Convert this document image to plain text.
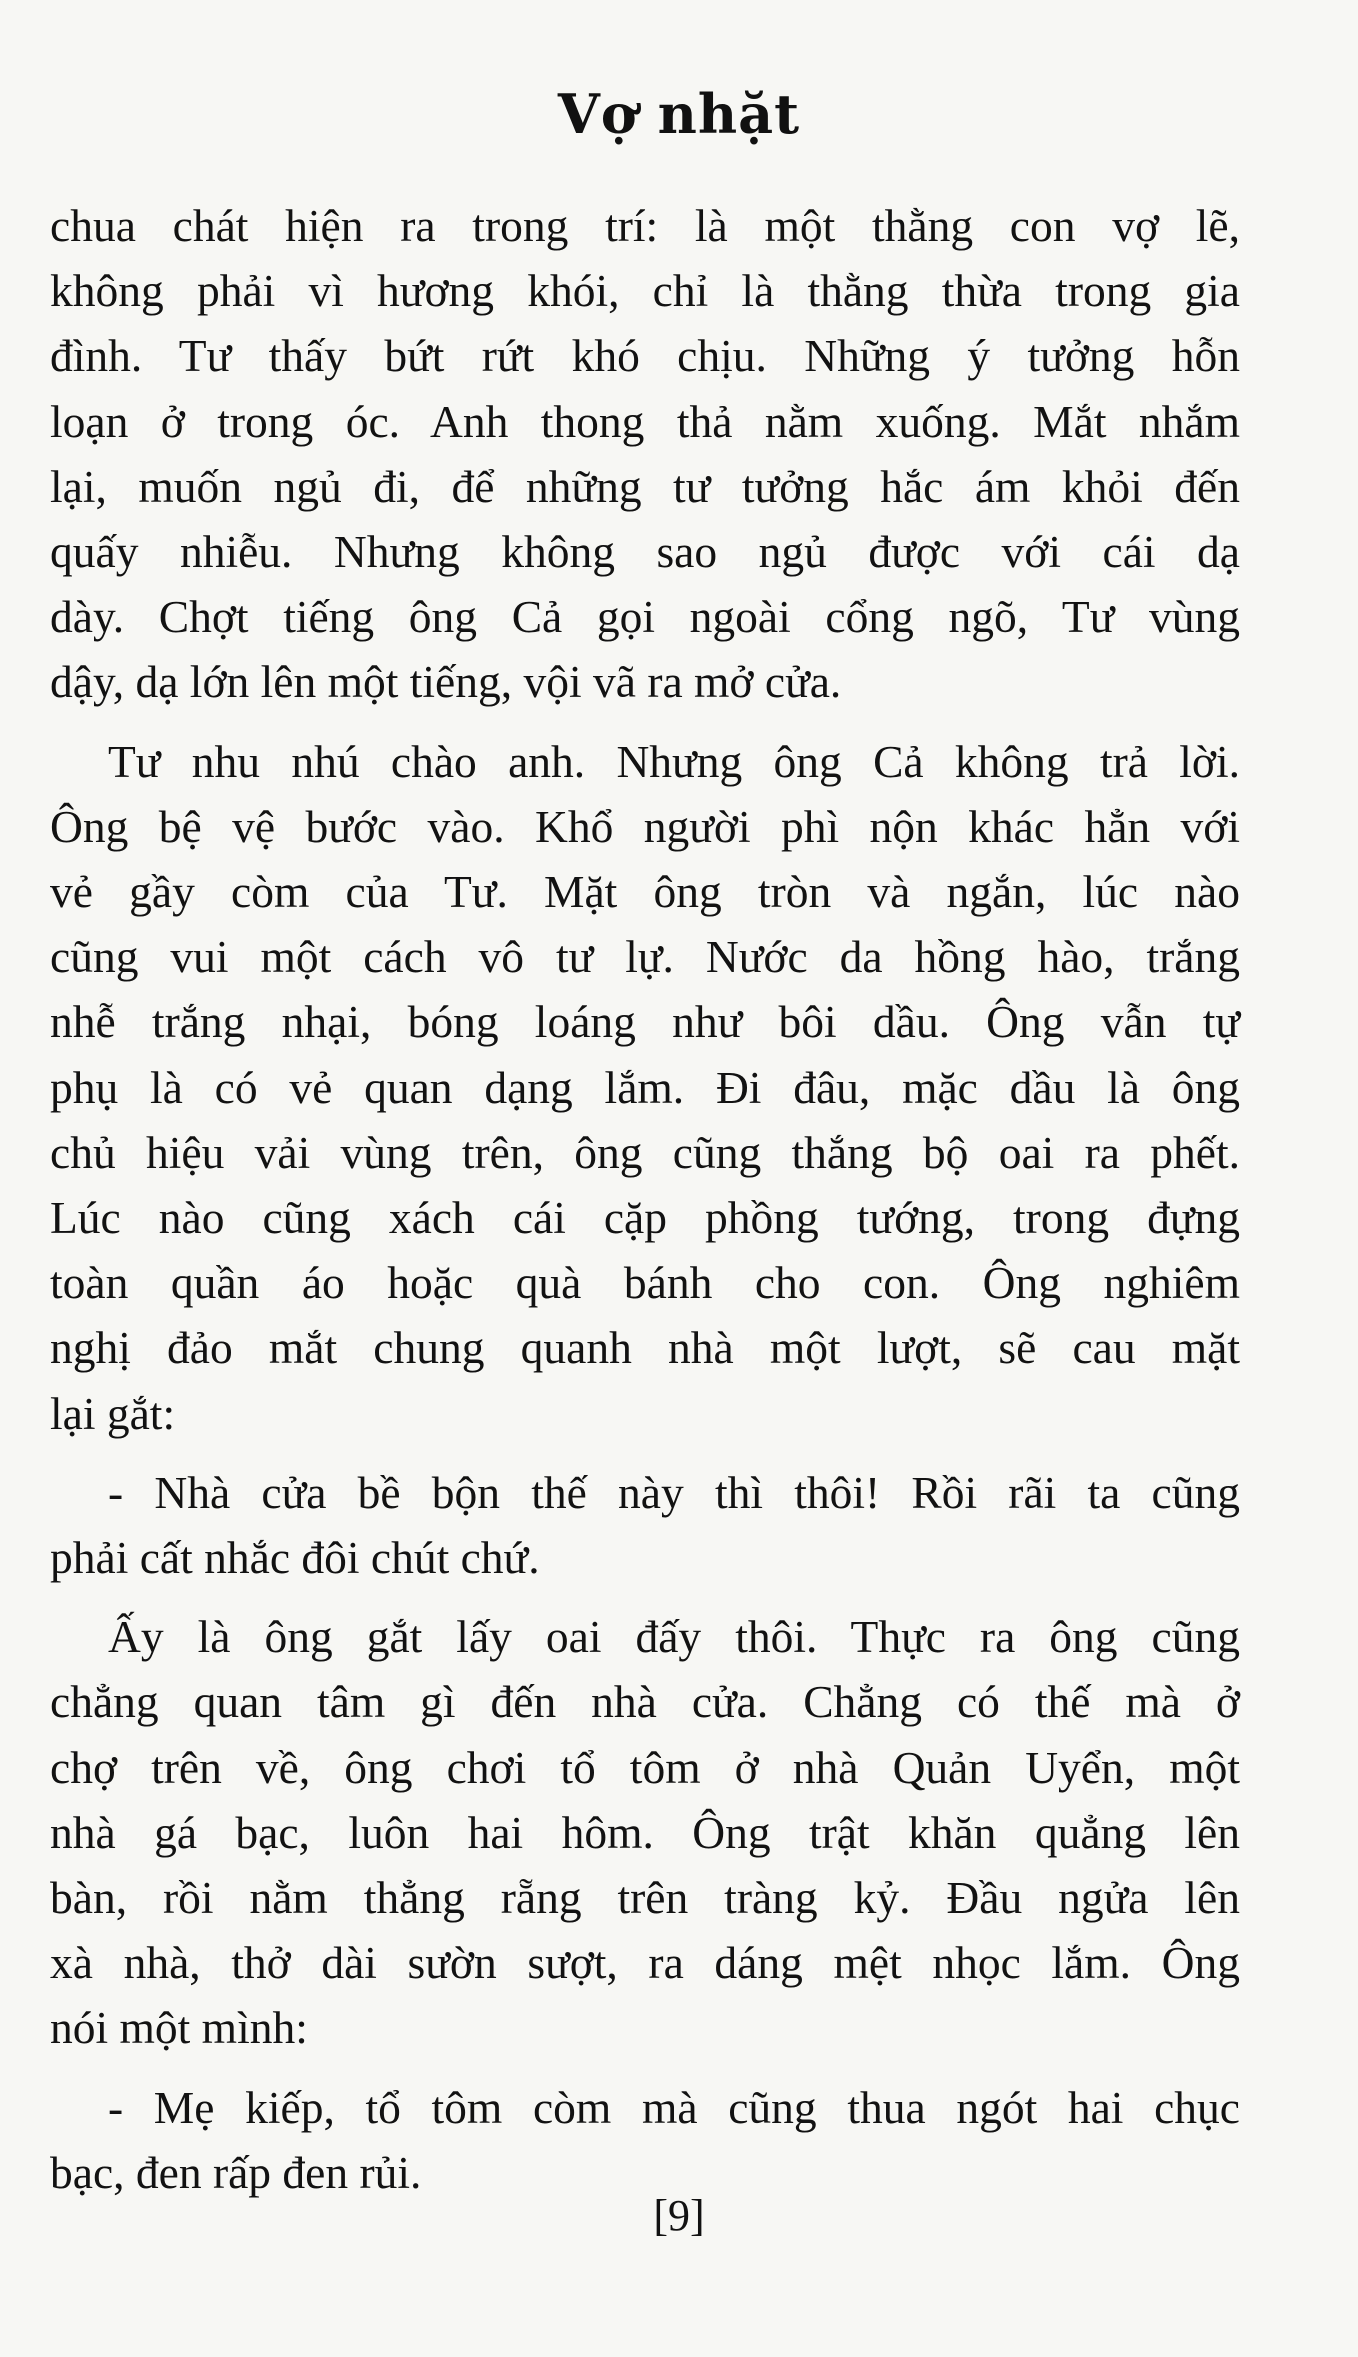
Vợ nhặt

chua chát hiện ra trong trí: là một thằng con vợ lẽ,
không phải vì hương khói, chỉ là thằng thừa trong gia
đình. Tư thấy bứt rứt khó chịu. Những ý tưởng hỗn
loạn ở trong óc. Anh thong thả nằm xuống. Mắt nhắm
lại, muốn ngủ đi, để những tư tưởng hắc ám khỏi đến
quấy nhiễu. Nhưng không sao ngủ được với cái dạ
dày. Chợt tiếng ông Cả gọi ngoài cổng ngõ, Tư vùng
dậy, dạ lớn lên một tiếng, vội vã ra mở cửa.

Tư nhu nhú chào anh. Nhưng ông Cả không trả lời.
Ông bệ vệ bước vào. Khổ người phì nộn khác hẳn với
vẻ gầy còm của Tư. Mặt ông tròn và ngắn, lúc nào
cũng vui một cách vô tư lự. Nước da hồng hào, trắng
nhễ trắng nhại, bóng loáng như bôi dầu. Ông vẫn tự
phụ là có vẻ quan dạng lắm. Đi đâu, mặc dầu là ông
chủ hiệu vải vùng trên, ông cũng thắng bộ oai ra phết.
Lúc nào cũng xách cái cặp phồng tướng, trong đựng
toàn quần áo hoặc quà bánh cho con. Ông nghiêm
nghị đảo mắt chung quanh nhà một lượt, sẽ cau mặt
lại gắt:

- Nhà cửa bề bộn thế này thì thôi! Rồi rãi ta cũng
phải cất nhắc đôi chút chứ.

Ấy là ông gắt lấy oai đấy thôi. Thực ra ông cũng
chẳng quan tâm gì đến nhà cửa. Chẳng có thế mà ở
chợ trên về, ông chơi tổ tôm ở nhà Quản Uyển, một
nhà gá bạc, luôn hai hôm. Ông trật khăn quẳng lên
bàn, rồi nằm thẳng rẵng trên tràng kỷ. Đầu ngửa lên
xà nhà, thở dài sườn sượt, ra dáng mệt nhọc lắm. Ông
nói một mình:

- Mẹ kiếp, tổ tôm còm mà cũng thua ngót hai chục
bạc, đen rấp đen rủi.

[9]
